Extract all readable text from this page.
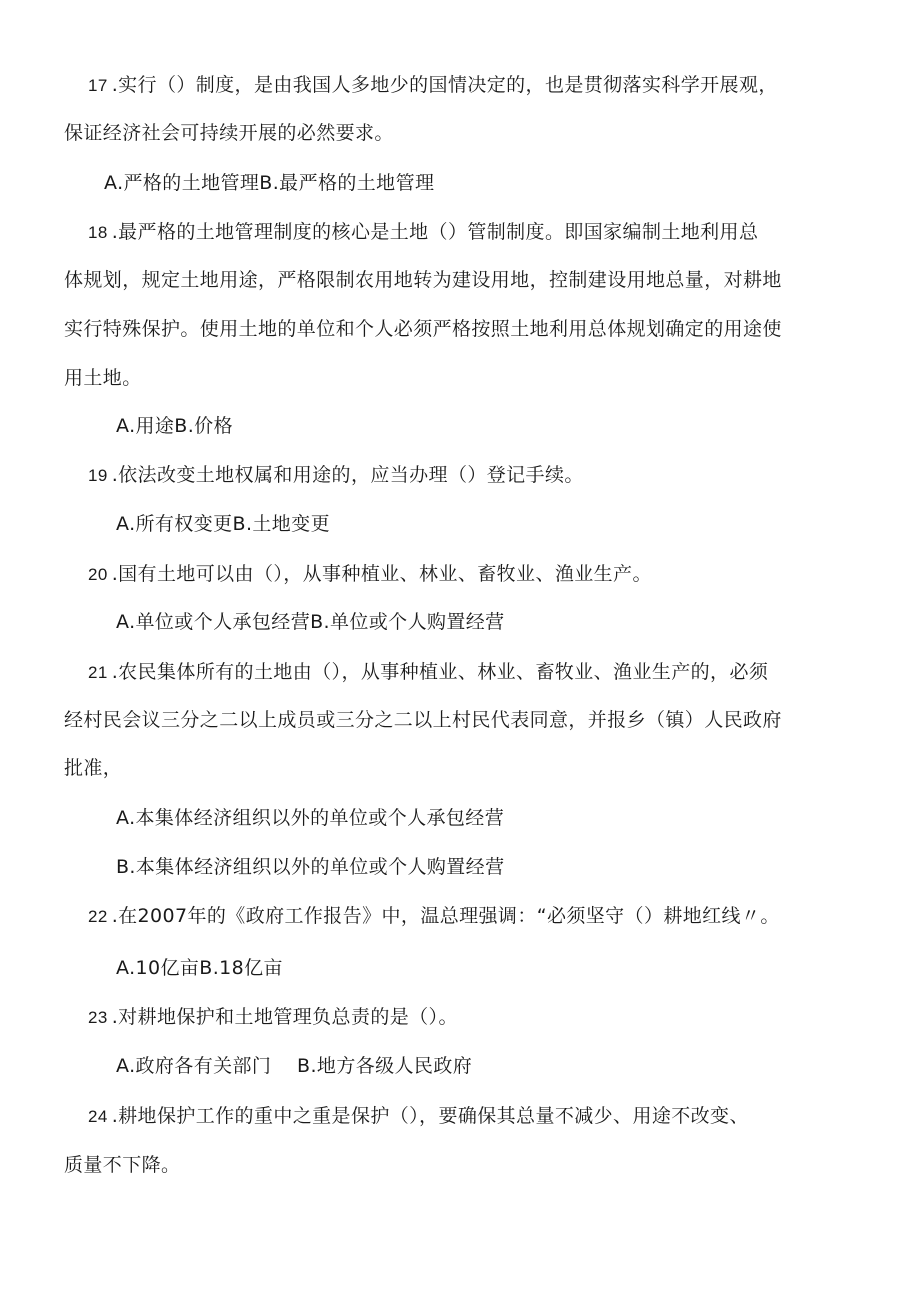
17 .实行（）制度，是由我国人多地少的国情决定的，也是贯彻落实科学开展观，
保证经济社会可持续开展的必然要求。
A.严格的土地管理B.最严格的土地管理
18 .最严格的土地管理制度的核心是土地（）管制制度。即国家编制土地利用总
体规划，规定土地用途，严格限制农用地转为建设用地，控制建设用地总量，对耕地
实行特殊保护。使用土地的单位和个人必须严格按照土地利用总体规划确定的用途使
用土地。
A.用途B.价格
19 .依法改变土地权属和用途的，应当办理（）登记手续。
A.所有权变更B.土地变更
20 .国有土地可以由（），从事种植业、林业、畜牧业、渔业生产。
A.单位或个人承包经营B.单位或个人购置经营
21 .农民集体所有的土地由（），从事种植业、林业、畜牧业、渔业生产的，必须
经村民会议三分之二以上成员或三分之二以上村民代表同意，并报乡（镇）人民政府
批准，
A.本集体经济组织以外的单位或个人承包经营
B.本集体经济组织以外的单位或个人购置经营
22 .在2007年的《政府工作报告》中，温总理强调：“必须坚守（）耕地红线〃。
A.10亿亩B.18亿亩
23 .对耕地保护和土地管理负总责的是（）。
A.政府各有关部门    B.地方各级人民政府
24 .耕地保护工作的重中之重是保护（），要确保其总量不减少、用途不改变、
质量不下降。
